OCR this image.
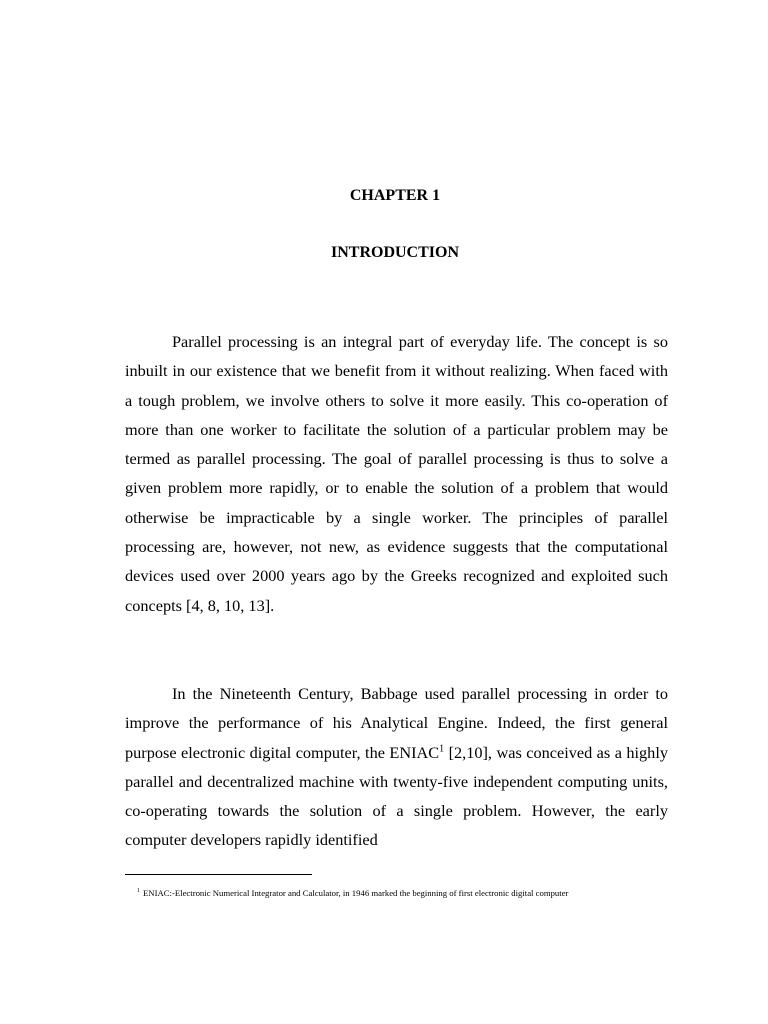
CHAPTER 1
INTRODUCTION

Parallel processing is an integral part of everyday life. The concept is so inbuilt in our existence that we benefit from it without realizing. When faced with a tough problem, we involve others to solve it more easily. This co-operation of more than one worker to facilitate the solution of a particular problem may be termed as parallel processing. The goal of parallel processing is thus to solve a given problem more rapidly, or to enable the solution of a problem that would otherwise be impracticable by a single worker. The principles of parallel processing are, however, not new, as evidence suggests that the computational devices used over 2000 years ago by the Greeks recognized and exploited such concepts [4, 8, 10, 13].

In the Nineteenth Century, Babbage used parallel processing in order to improve the performance of his Analytical Engine. Indeed, the first general purpose electronic digital computer, the ENIAC$^1$ [2,10], was conceived as a highly parallel and decentralized machine with twenty-five independent computing units, co-operating towards the solution of a single problem. However, the early computer developers rapidly identified

$^1$ ENIAC:-Electronic Numerical Integrator and Calculator, in 1946 marked the beginning of first electronic digital computer
